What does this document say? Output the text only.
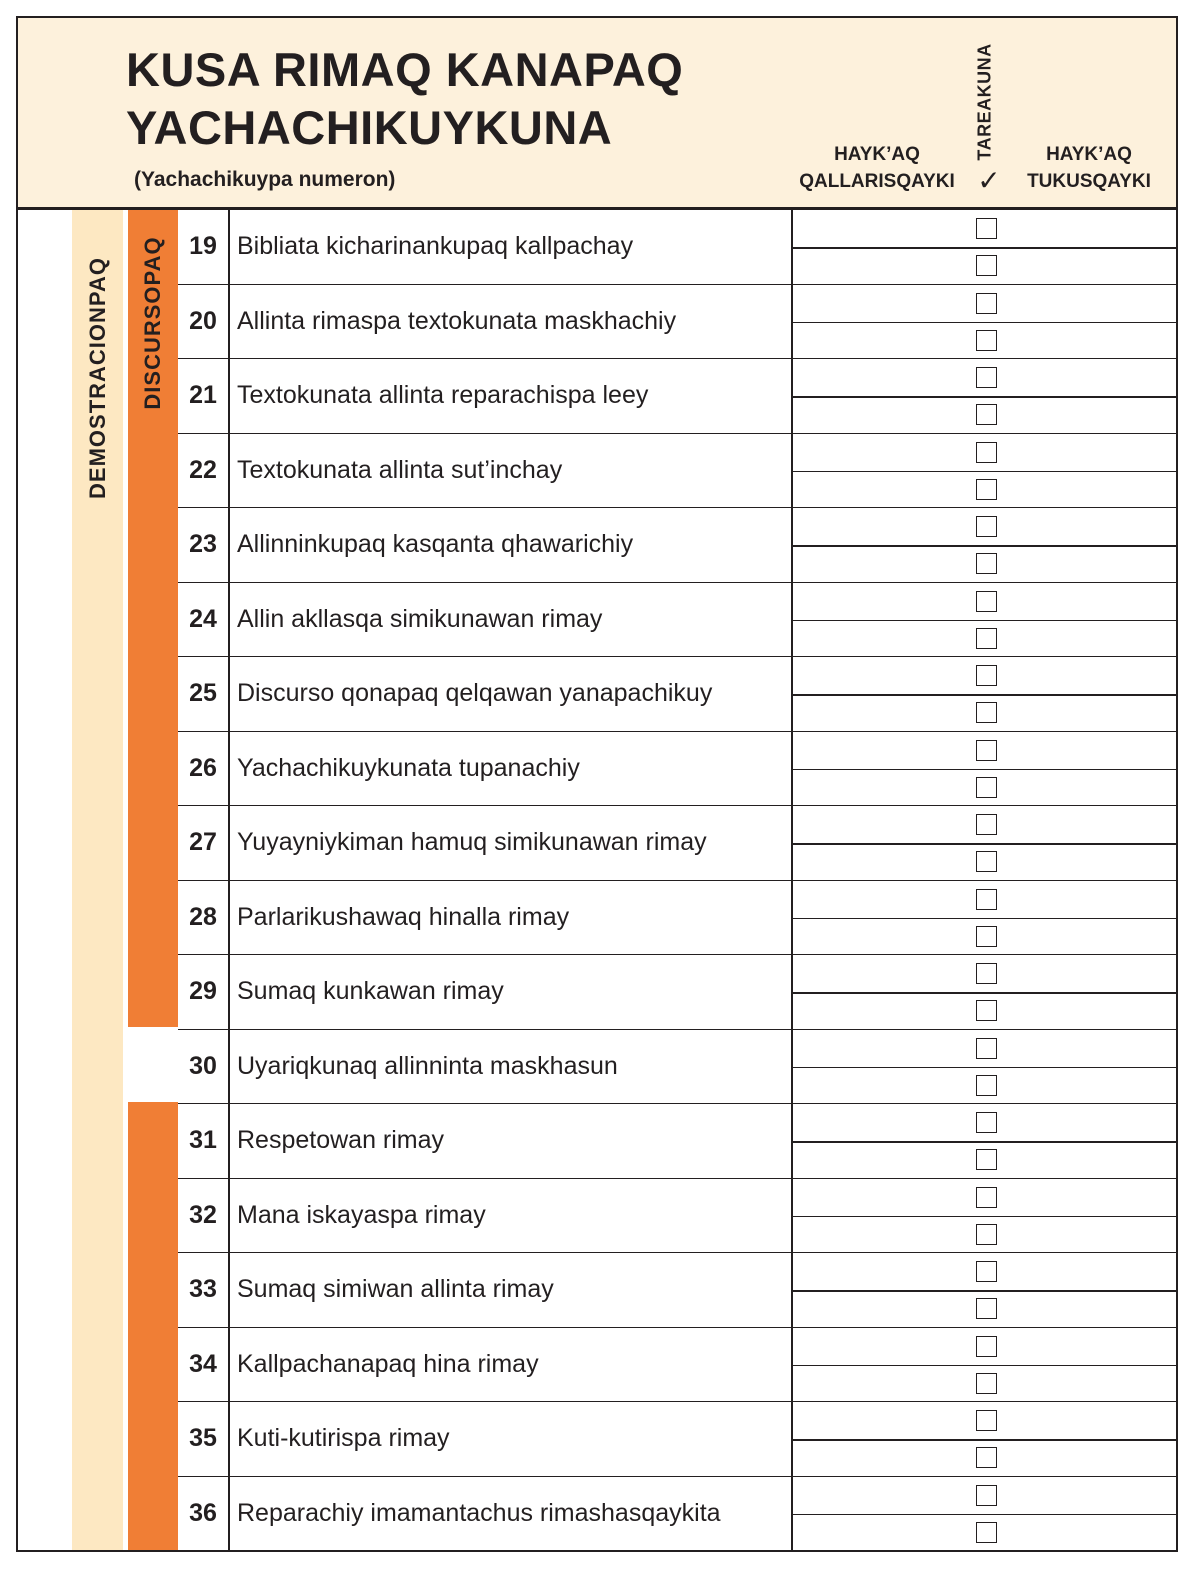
KUSA RIMAQ KANAPAQ
YACHACHIKUYKUNA
(Yachachikuypa numeron)
HAYK’AQ
QALLARISQAYKI
TAREAKUNA
✓
HAYK’AQ
TUKUSQAYKI
DEMOSTRACIONPAQ DISCURSOPAQ 19 Bibliata kicharinankupaq kallpachay
20 Allinta rimaspa textokunata maskhachiy
21 Textokunata allinta reparachispa leey
22 Textokunata allinta sut’inchay
23 Allinninkupaq kasqanta qhawarichiy
24 Allin akllasqa simikunawan rimay
25 Discurso qonapaq qelqawan yanapachikuy
26 Yachachikuykunata tupanachiy
27 Yuyayniykiman hamuq simikunawan rimay
28 Parlarikushawaq hinalla rimay
29 Sumaq kunkawan rimay
30 Uyariqkunaq allinninta maskhasun
31 Respetowan rimay
32 Mana iskayaspa rimay
33 Sumaq simiwan allinta rimay
34 Kallpachanapaq hina rimay
35 Kuti-kutirispa rimay
36 Reparachiy imamantachus rimashasqaykita
